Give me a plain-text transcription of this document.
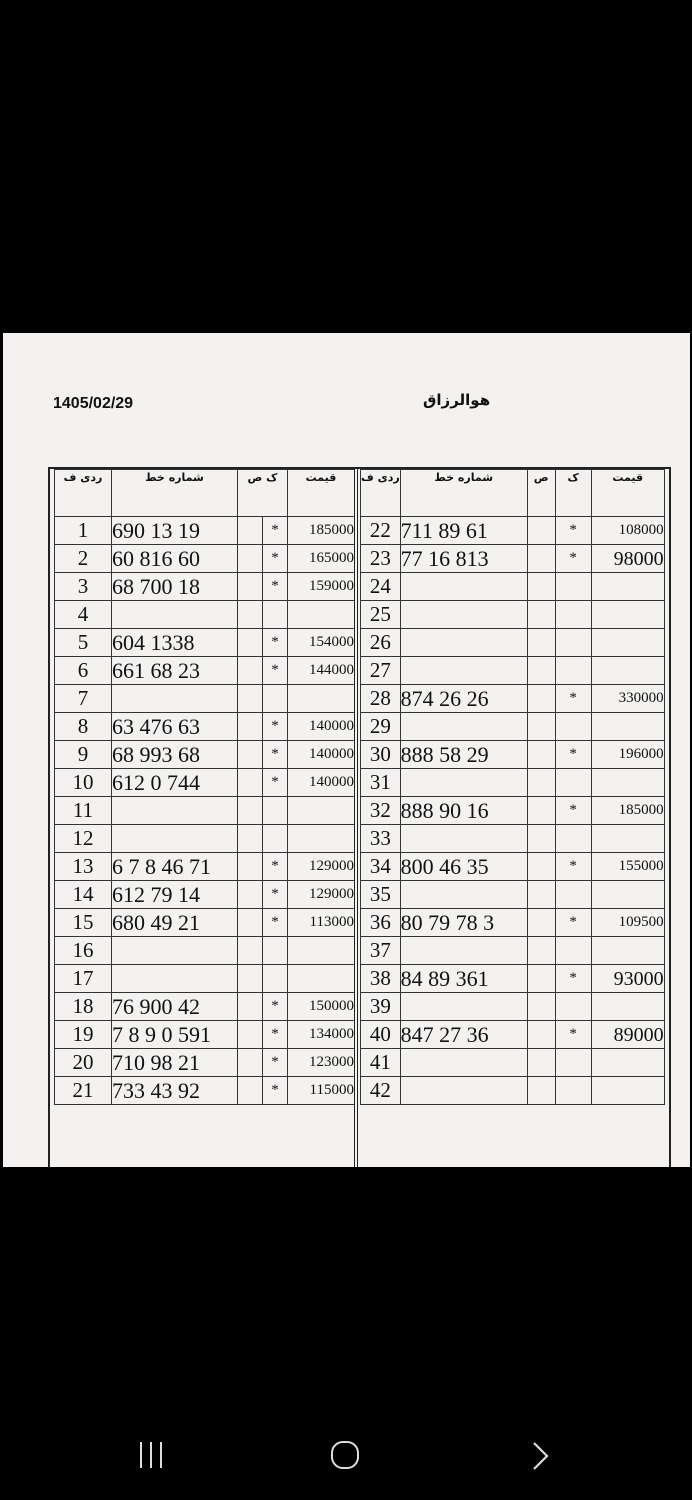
1405/02/29	هوالرزاق
ردی ف	شماره خط	ک ص		قیمت
1	690 13 19		*	185000
2	60 816 60		*	165000
3	68 700 18		*	159000
4				
5	604 1338		*	154000
6	661 68 23		*	144000
7				
8	63 476 63		*	140000
9	68 993 68		*	140000
10	612 0 744		*	140000
11				
12				
13	6 7 8 46 71		*	129000
14	612 79 14		*	129000
15	680 49 21		*	113000
16				
17				
18	76 900 42		*	150000
19	7 8 9 0 591		*	134000
20	710 98 21		*	123000
21	733 43 92		*	115000
ردی ف	شماره خط	ص	ک	قیمت
22	711 89 61		*	108000
23	77 16 813		*	98000
24				
25				
26				
27				
28	874 26 26		*	330000
29				
30	888 58 29		*	196000
31				
32	888 90 16		*	185000
33				
34	800 46 35		*	155000
35				
36	80 79 78 3		*	109500
37				
38	84 89 361		*	93000
39				
40	847 27 36		*	89000
41				
42				
